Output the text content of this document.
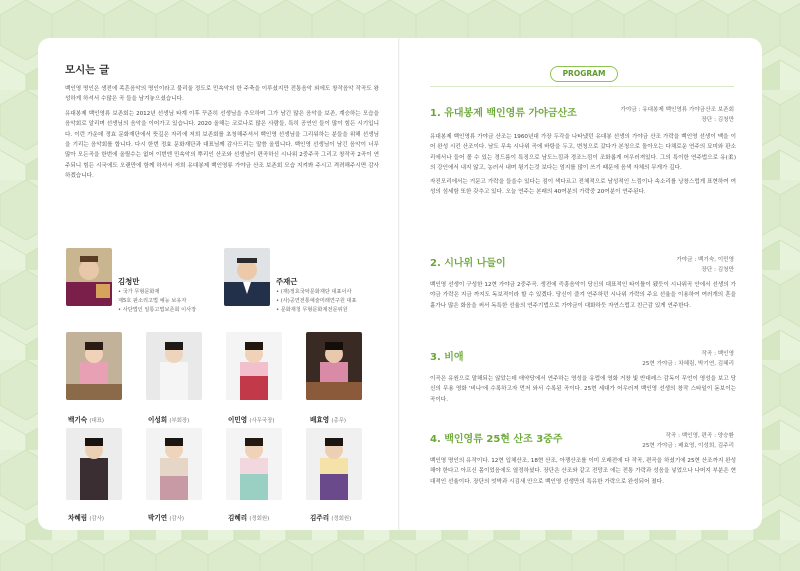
모시는 글

백인영 명인은 생전에 족흔음악의 명인이라고 불리울 정도로 민속악의 한 주축을 이루셨지만 전통음악 외에도 창작음악 작곡도 왕성하게 하셔서 수많은 곡 들을 남겨놓으셨습니다.

유대봉제 백인영류 보존회는 2012년 선생님 타계 이후 꾸준히 선생님을 추모하며 그가 남긴 많은 음악을 보존, 계승하는 모습을 음악회로 알리며 선생님의 음악을 이어가고 있습니다. 2020 올해는 코로나로 많은 사람들, 특히 공연인 들이 많이 힘든 시기입니다. 이런 가운데 정효 문화재단에서 뜻깊은 자리에 저희 보존회를 초청해주셔서 백인영 선생님을 그리워하는 분들을 위해 선생님을 기리는 음악회를 합니다. 다시 한번 정효 문화재단과 대표님께 감사드리는 말씀 올립니다. 백인영 선생님이 남긴 음악이 너무 많아 모든곡을 한번에 올릴수는 없어 이번엔 민속악의 뿌리인 산조와 선생님이 편곡하신 시나위 2중주곡 그리고 창작곡 2곡이 연주되니 힘든 시국에도 오랜만에 함께 하셔서 저희 유대봉제 백인영류 가야금 산조 보존회 모습 지켜봐 주시고 격려해주시면 감사하겠습니다.

김청만
• 국가 무형문화재
제5호 판소리고법 예능 보유자
• 사단법인 일통고법보존회 이사장
주재근
• (재)정효국악문화재단 대표이사
• (사)공연전통예술미래연구원 대표
• 문화재청 무형문화재전문위원
백기숙 (대표)	이성희 (부회장)	이민영 (사무국장)	배효영 (총무)
차혜림 (감사)	박기연 (감사)	김혜리 (정회원)	김주리 (정회원)
PROGRAM
1. 유대봉제 백인영류 가야금산조	가야금 : 유대봉제 백인영류 가야금산조 보존회
장단 : 김청만

유대봉제 백인영류 가야금 산조는 1960년대 가장 두각을 나타냈던 유대봉 선생의 가야금 산조 가락을 백인영 선생이 맥을 이어 완성 시킨 산조이다. 남도 무속 시나위 곡에 바탕을 두고, 변청으로 갔다가 본청으로 돌아오는 다채로운 연주의 묘미와 판소리에서나 들어 볼 수 있는 경드름이 특징으로 남도느낌과 경조느낌이 조화롭게 어우러져있다. 그의 특이한 연주법으로 유(柔)의 강인에서 내지 않고, 농러서 내며 튕기는것 보다는 엄지를 많이 쓰기 때문에 음색 자체의 무게가 깊다.

자진모리에서는 거문고 가락을 들을수 있다는 점이 색다르고 전체적으로 남성적인 느낌이나 속소리를 낭창스럽게 표현하여 여성의 섬세함 또한 갖추고 있다. 오늘 연주는 본래의 40여분의 가락중 20여분이 연주된다.

2. 시나위 나들이	가야금 : 백기숙, 이민영
장단 : 김청만

백인영 선생이 구성한 12현 가야금 2중주곡. 생전에 즉흥음악이 당신의 대표적인 타이틀이 됐듯이 시나위곡 안에서 선생의 가야금 가락은 지금 까지도 독보적이라 할 수 있겠다. 당신이 즐겨 연주하던 시나위 가락의 주요 선율을 이용하여 여러개의 혼을 흩가나 많은 화음을 써서 독특한 선율의 연주기법으로 가야금이 대화하듯 자연스럽고 친근감 있게 연주한다.

3. 비애	작곡 : 백인영
25현 가야금 : 차혜림, 박기연, 김혜리

이곡은 유원으로 말해되는 않았는데 애약당에서 연주하는 영성을 유럽에 영화 거창 빛 반대레스 감독이 무언이 영성을 보고 당신의 무용 영화 '비나'에 수록하고자 먼저 와서 수록된 곡이다. 25현 세대가 어우러져 백인영 선생의 창작 스타일이 돋보이는 곡이다.

4. 백인영류 25현 산조 3중주	작곡 : 백인영, 편곡 : 양승환
25현 가야금 : 배효영, 이성희, 김주리

백인영 명인의 유작이다. 12현 입체산조, 18현 산조, 아쟁산조를 이미 오래전에 다 작곡, 편곡을 하셨기에 25현 산조까지 완성해야 한다고 아프신 몸이었음에도 열정하셨다. 장단은 산조와 같고 전망조 에는 전통 가락과 성음을 넣었으나 나머지 부분은 현대적인 선율이다. 장단의 엇박과 시김새 안으로 백인영 선생만의 특유한 가락으로 완성되어 졌다.
